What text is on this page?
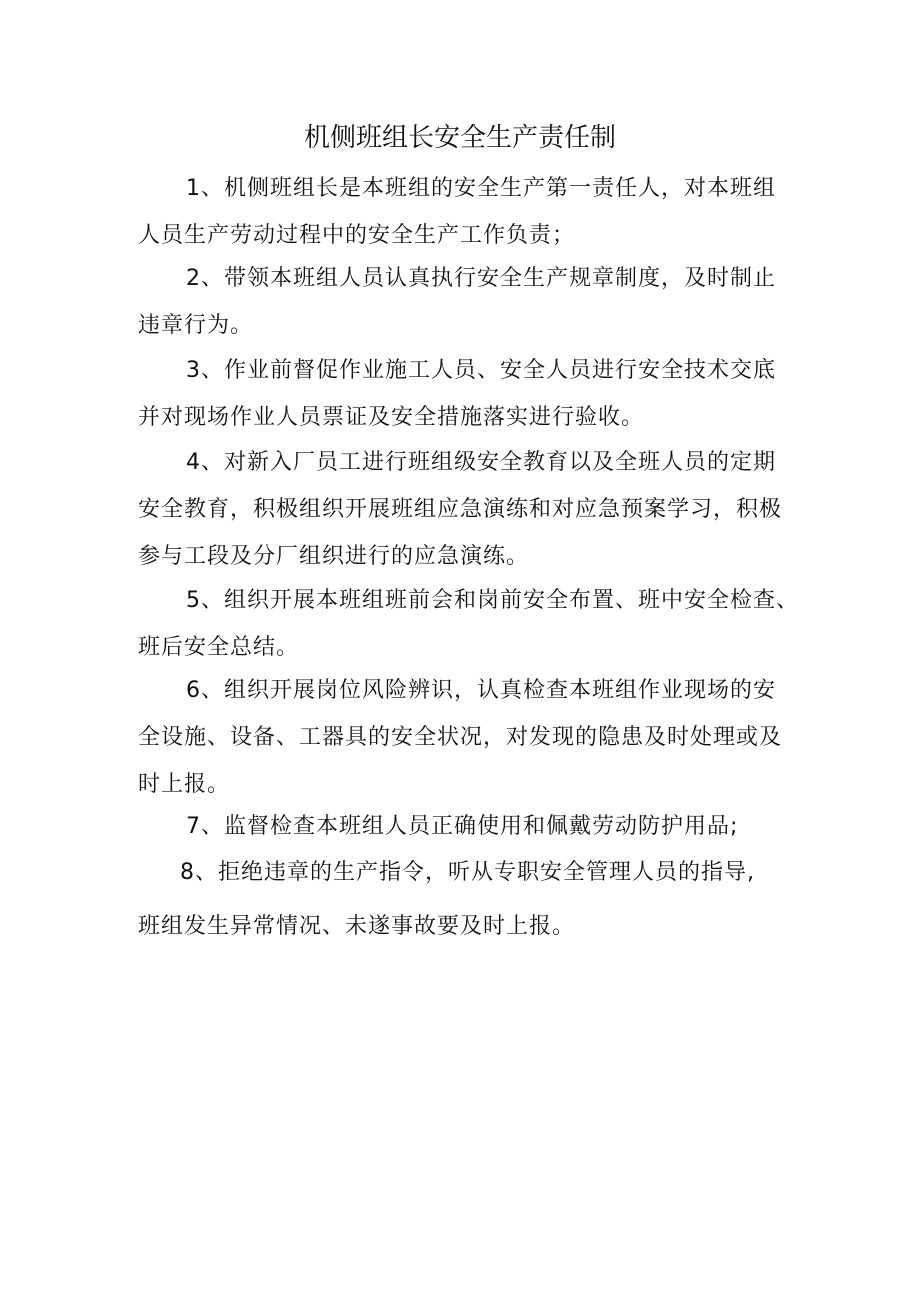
机侧班组长安全生产责任制
1、机侧班组长是本班组的安全生产第一责任人，对本班组
人员生产劳动过程中的安全生产工作负责；
2、带领本班组人员认真执行安全生产规章制度，及时制止
违章行为。
3、作业前督促作业施工人员、安全人员进行安全技术交底
并对现场作业人员票证及安全措施落实进行验收。
4、对新入厂员工进行班组级安全教育以及全班人员的定期
安全教育，积极组织开展班组应急演练和对应急预案学习，积极
参与工段及分厂组织进行的应急演练。
5、组织开展本班组班前会和岗前安全布置、班中安全检查、
班后安全总结。
6、组织开展岗位风险辨识，认真检查本班组作业现场的安
全设施、设备、工器具的安全状况，对发现的隐患及时处理或及
时上报。
7、监督检查本班组人员正确使用和佩戴劳动防护用品;
8、拒绝违章的生产指令，听从专职安全管理人员的指导,
班组发生异常情况、未遂事故要及时上报。
